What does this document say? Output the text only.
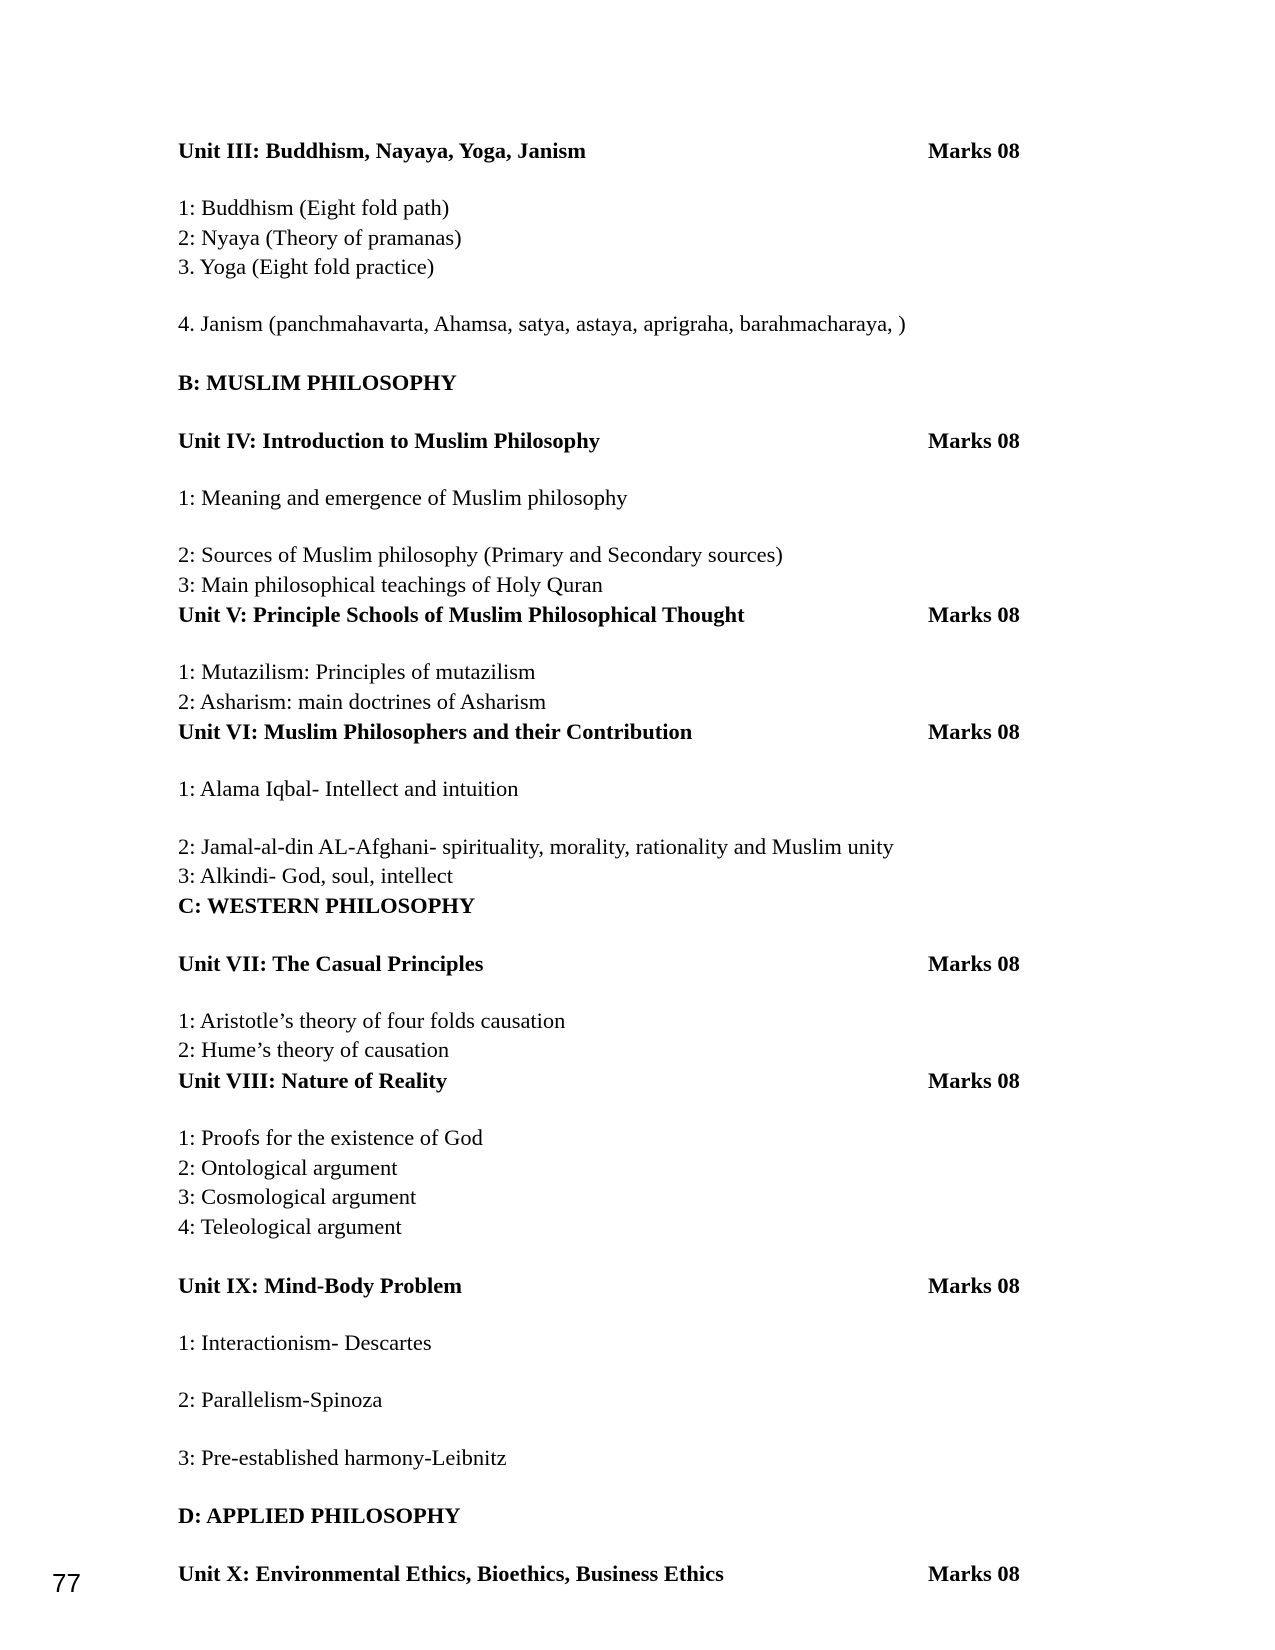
Unit III: Buddhism, Nayaya, Yoga, Janism	Marks 08
1: Buddhism (Eight fold path)
2: Nyaya (Theory of pramanas)
3. Yoga (Eight fold practice)
4. Janism (panchmahavarta, Ahamsa, satya, astaya, aprigraha, barahmacharaya, )
B: MUSLIM PHILOSOPHY
Unit IV: Introduction to Muslim Philosophy	Marks 08
1: Meaning and emergence of Muslim philosophy
2: Sources of Muslim philosophy (Primary and Secondary sources)
3: Main philosophical teachings of Holy Quran
Unit V: Principle Schools of Muslim Philosophical Thought	Marks 08
1: Mutazilism: Principles of mutazilism
2: Asharism: main doctrines of Asharism
Unit VI: Muslim Philosophers and their Contribution	Marks 08
1: Alama Iqbal- Intellect and intuition
2: Jamal-al-din AL-Afghani- spirituality, morality, rationality and Muslim unity
3: Alkindi- God, soul, intellect
C: WESTERN PHILOSOPHY
Unit VII: The Casual Principles	Marks 08
1: Aristotle’s theory of four folds causation
2: Hume’s theory of causation
Unit VIII: Nature of Reality	Marks 08
1: Proofs for the existence of God
2: Ontological argument
3: Cosmological argument
4: Teleological argument
Unit IX: Mind-Body Problem	Marks 08
1: Interactionism- Descartes
2: Parallelism-Spinoza
3: Pre-established harmony-Leibnitz
D: APPLIED PHILOSOPHY
Unit X: Environmental Ethics, Bioethics, Business Ethics	Marks 08
77
